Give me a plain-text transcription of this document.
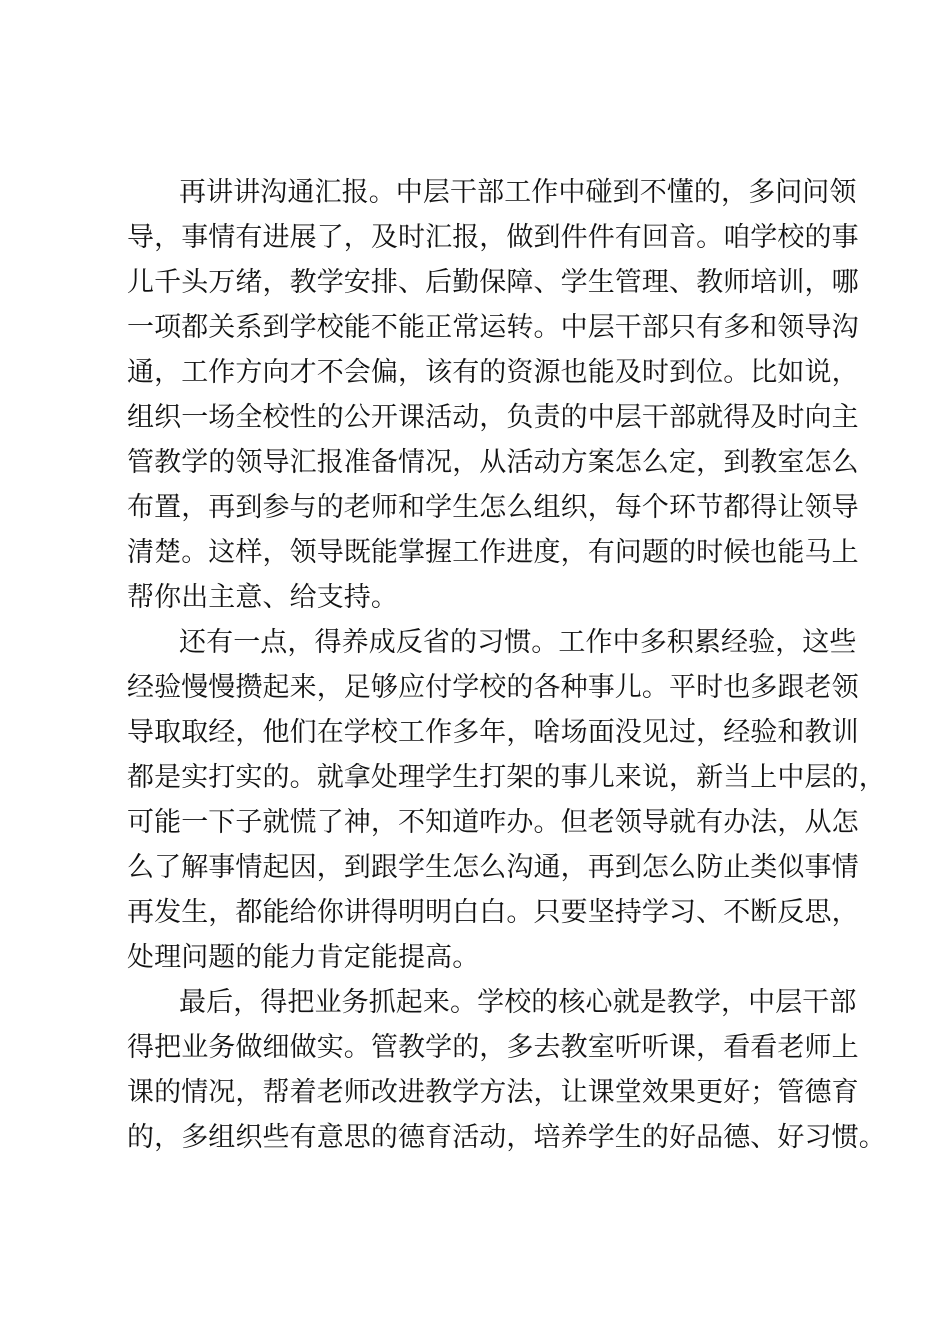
再讲讲沟通汇报。中层干部工作中碰到不懂的，多问问领
导，事情有进展了，及时汇报，做到件件有回音。咱学校的事
儿千头万绪，教学安排、后勤保障、学生管理、教师培训，哪
一项都关系到学校能不能正常运转。中层干部只有多和领导沟
通，工作方向才不会偏，该有的资源也能及时到位。比如说，
组织一场全校性的公开课活动，负责的中层干部就得及时向主
管教学的领导汇报准备情况，从活动方案怎么定，到教室怎么
布置，再到参与的老师和学生怎么组织，每个环节都得让领导
清楚。这样，领导既能掌握工作进度，有问题的时候也能马上
帮你出主意、给支持。

还有一点，得养成反省的习惯。工作中多积累经验，这些
经验慢慢攒起来，足够应付学校的各种事儿。平时也多跟老领
导取取经，他们在学校工作多年，啥场面没见过，经验和教训
都是实打实的。就拿处理学生打架的事儿来说，新当上中层的，
可能一下子就慌了神，不知道咋办。但老领导就有办法，从怎
么了解事情起因，到跟学生怎么沟通，再到怎么防止类似事情
再发生，都能给你讲得明明白白。只要坚持学习、不断反思，
处理问题的能力肯定能提高。

最后，得把业务抓起来。学校的核心就是教学，中层干部
得把业务做细做实。管教学的，多去教室听听课，看看老师上
课的情况，帮着老师改进教学方法，让课堂效果更好；管德育
的，多组织些有意思的德育活动，培养学生的好品德、好习惯。
